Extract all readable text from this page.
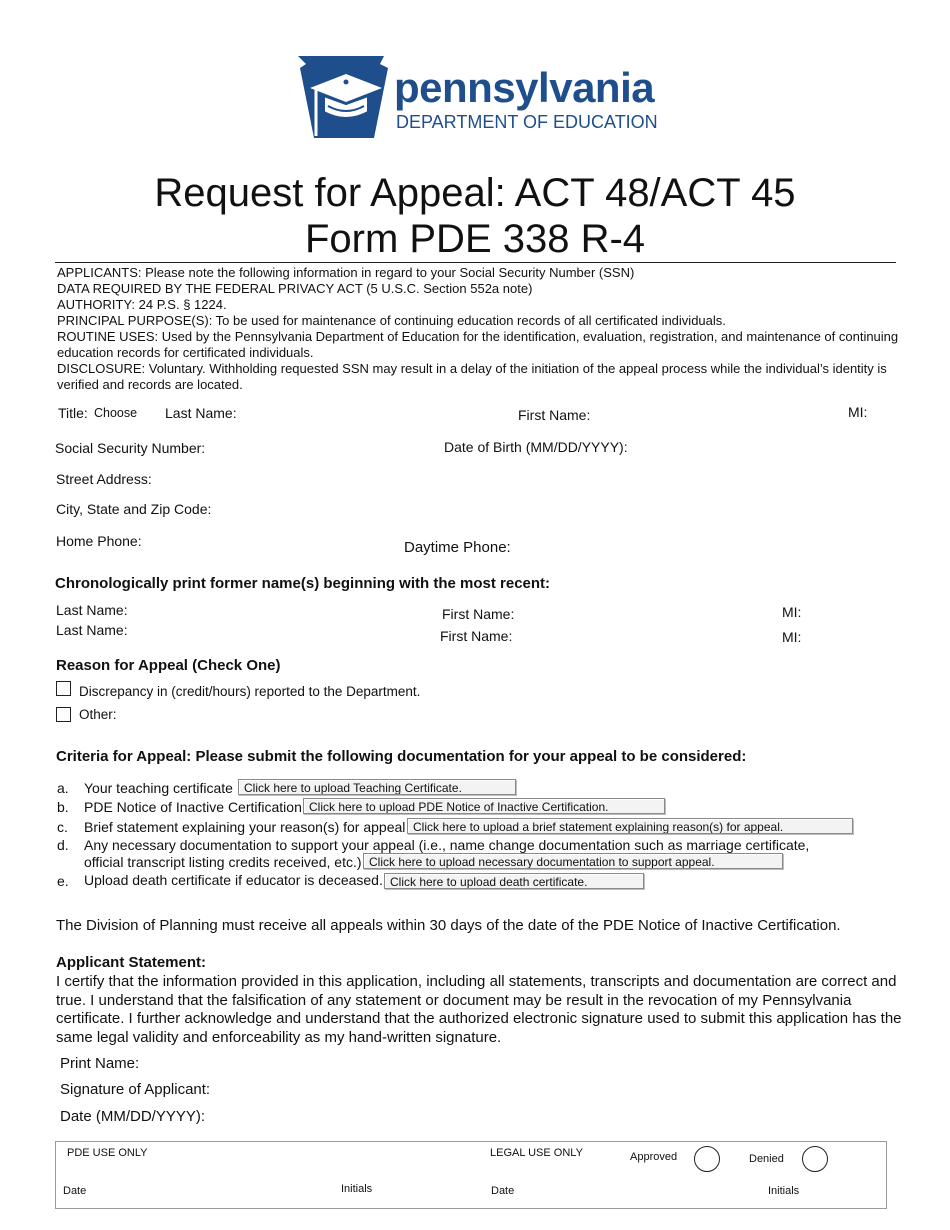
pennsylvania
DEPARTMENT OF EDUCATION
Request for Appeal: ACT 48/ACT 45
Form PDE 338 R-4
APPLICANTS: Please note the following information in regard to your Social Security Number (SSN)
DATA REQUIRED BY THE FEDERAL PRIVACY ACT (5 U.S.C. Section 552a note)
AUTHORITY: 24 P.S. § 1224.
PRINCIPAL PURPOSE(S): To be used for maintenance of continuing education records of all certificated individuals.
ROUTINE USES: Used by the Pennsylvania Department of Education for the identification, evaluation, registration, and maintenance of continuing education records for certificated individuals.
DISCLOSURE: Voluntary. Withholding requested SSN may result in a delay of the initiation of the appeal process while the individual’s identity is verified and records are located.
Title: Choose Last Name:	First Name:	MI:
Social Security Number:	Date of Birth (MM/DD/YYYY):
Street Address:
City, State and Zip Code:
Home Phone:	Daytime Phone:
Chronologically print former name(s) beginning with the most recent:
Last Name:	First Name:	MI:
Last Name:	First Name:	MI:
Reason for Appeal (Check One)
Discrepancy in (credit/hours) reported to the Department.
Other:
Criteria for Appeal: Please submit the following documentation for your appeal to be considered:
a. Your teaching certificate Click here to upload Teaching Certificate.
b. PDE Notice of Inactive Certification Click here to upload PDE Notice of Inactive Certification.
c. Brief statement explaining your reason(s) for appeal Click here to upload a brief statement explaining reason(s) for appeal.
d. Any necessary documentation to support your appeal (i.e., name change documentation such as marriage certificate,
official transcript listing credits received, etc.) Click here to upload necessary documentation to support appeal.
e. Upload death certificate if educator is deceased. Click here to upload death certificate.
The Division of Planning must receive all appeals within 30 days of the date of the PDE Notice of Inactive Certification.
Applicant Statement:
I certify that the information provided in this application, including all statements, transcripts and documentation are correct and true. I understand that the falsification of any statement or document may be result in the revocation of my Pennsylvania certificate. I further acknowledge and understand that the authorized electronic signature used to submit this application has the same legal validity and enforceability as my hand-written signature.
Print Name:
Signature of Applicant:
Date (MM/DD/YYYY):
PDE USE ONLY	LEGAL USE ONLY	Approved	Denied
Date	Initials	Date	Initials
